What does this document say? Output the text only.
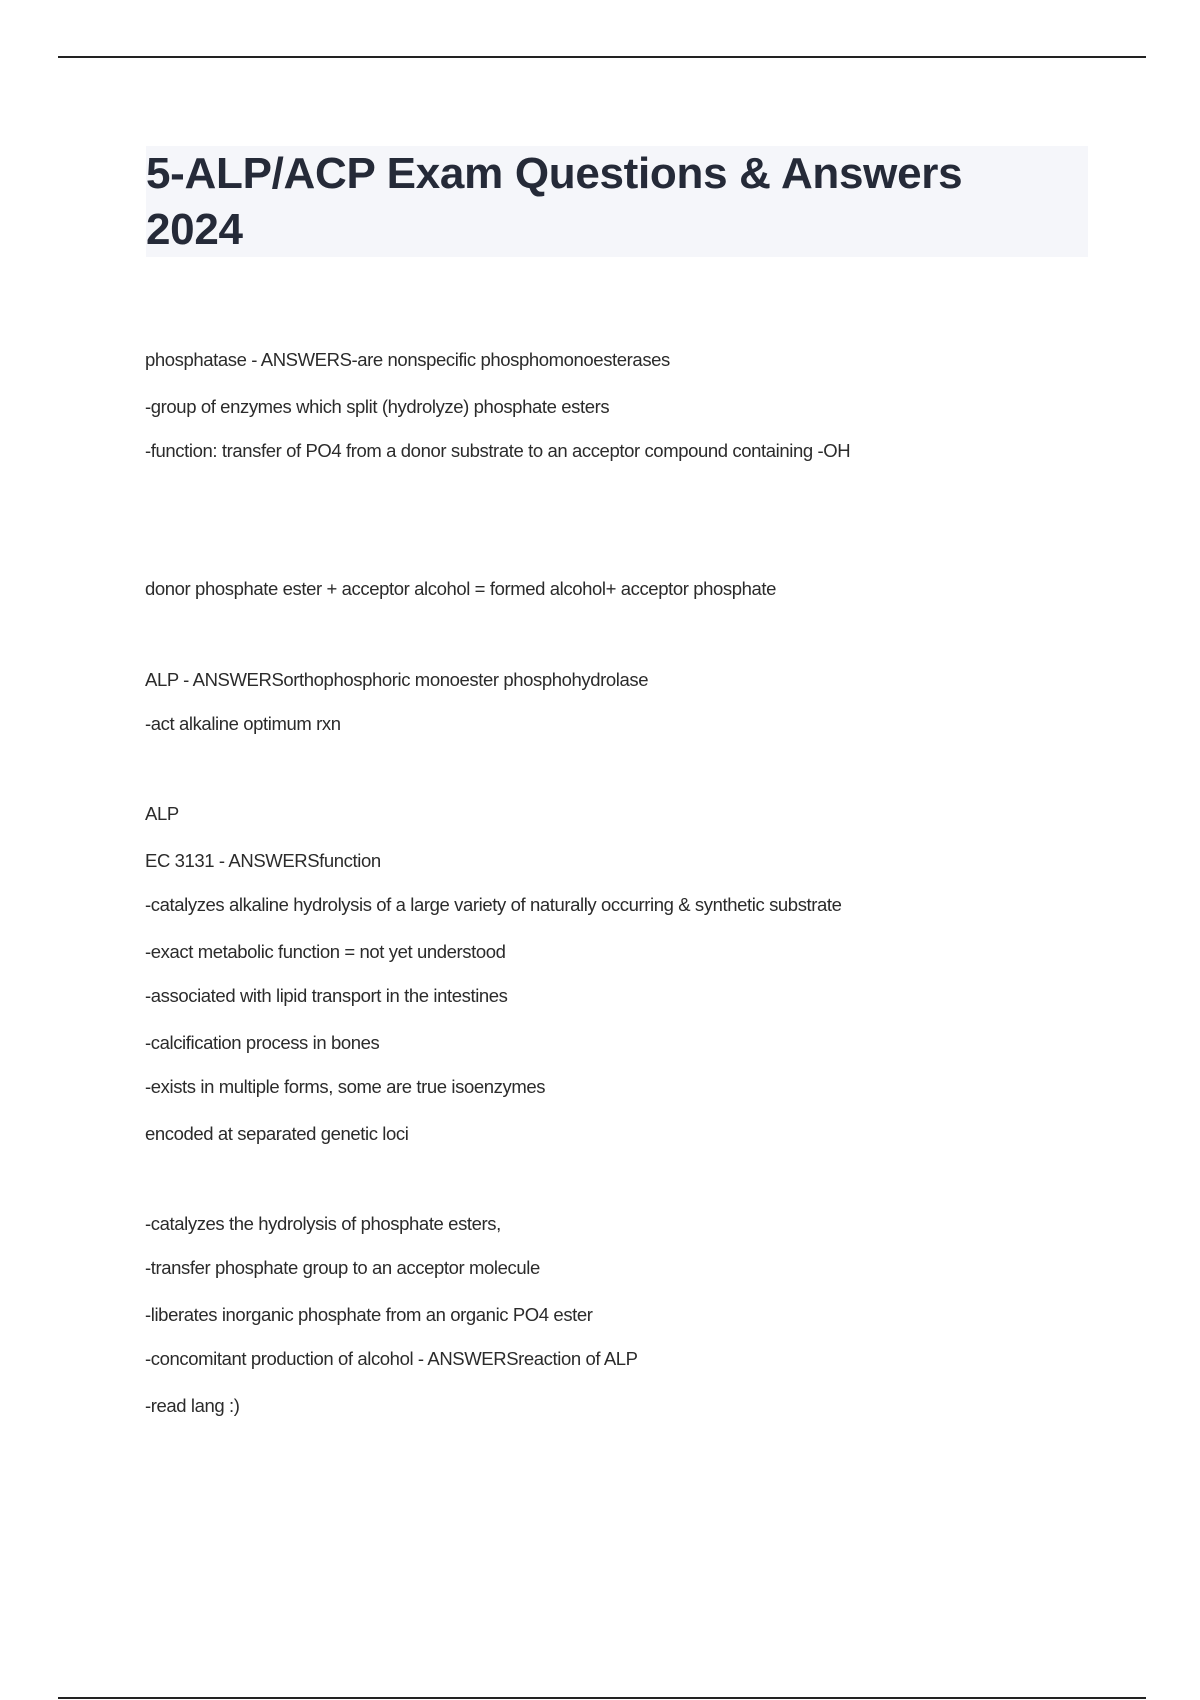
5-ALP/ACP Exam Questions & Answers
2024
phosphatase - ANSWERS-are nonspecific phosphomonoesterases
-group of enzymes which split (hydrolyze) phosphate esters
-function: transfer of PO4 from a donor substrate to an acceptor compound containing -OH
donor phosphate ester + acceptor alcohol = formed alcohol+ acceptor phosphate
ALP - ANSWERSorthophosphoric monoester phosphohydrolase
-act alkaline optimum rxn
ALP
EC 3131 - ANSWERSfunction
-catalyzes alkaline hydrolysis of a large variety of naturally occurring & synthetic substrate
-exact metabolic function = not yet understood
-associated with lipid transport in the intestines
-calcification process in bones
-exists in multiple forms, some are true isoenzymes
encoded at separated genetic loci
-catalyzes the hydrolysis of phosphate esters,
-transfer phosphate group to an acceptor molecule
-liberates inorganic phosphate from an organic PO4 ester
-concomitant production of alcohol - ANSWERSreaction of ALP
-read lang :)
